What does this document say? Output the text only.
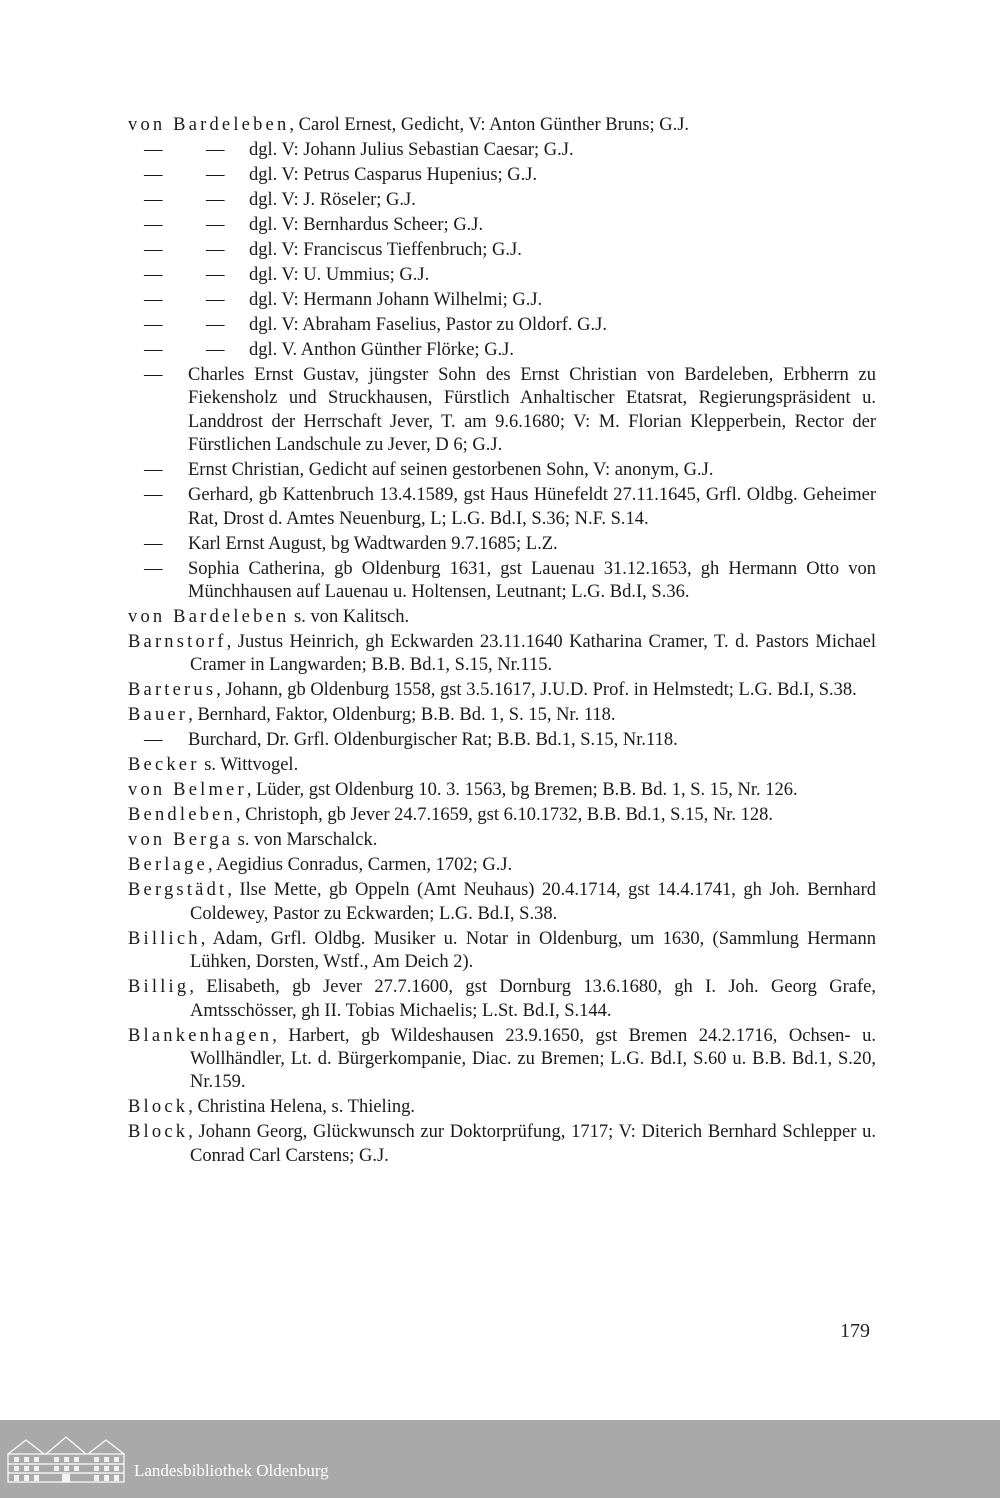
von Bardeleben, Carol Ernest, Gedicht, V: Anton Günther Bruns; G.J.
— — dgl. V: Johann Julius Sebastian Caesar; G.J.
— — dgl. V: Petrus Casparus Hupenius; G.J.
— — dgl. V: J. Röseler; G.J.
— — dgl. V: Bernhardus Scheer; G.J.
— — dgl. V: Franciscus Tieffenbruch; G.J.
— — dgl. V: U. Ummius; G.J.
— — dgl. V: Hermann Johann Wilhelmi; G.J.
— — dgl. V: Abraham Faselius, Pastor zu Oldorf. G.J.
— — dgl. V. Anthon Günther Flörke; G.J.
— Charles Ernst Gustav, jüngster Sohn des Ernst Christian von Bardeleben, Erbherrn zu Fiekensholz und Struckhausen, Fürstlich Anhaltischer Etatsrat, Regierungspräsident u. Landdrost der Herrschaft Jever, T. am 9.6.1680; V: M. Florian Klepperbein, Rector der Fürstlichen Landschule zu Jever, D 6; G.J.
— Ernst Christian, Gedicht auf seinen gestorbenen Sohn, V: anonym, G.J.
— Gerhard, gb Kattenbruch 13.4.1589, gst Haus Hünefeldt 27.11.1645, Grfl. Oldbg. Geheimer Rat, Drost d. Amtes Neuenburg, L; L.G. Bd.I, S.36; N.F. S.14.
— Karl Ernst August, bg Wadtwarden 9.7.1685; L.Z.
— Sophia Catherina, gb Oldenburg 1631, gst Lauenau 31.12.1653, gh Hermann Otto von Münchhausen auf Lauenau u. Holtensen, Leutnant; L.G. Bd.I, S.36.
von Bardeleben s. von Kalitsch.
Barnstorf, Justus Heinrich, gh Eckwarden 23.11.1640 Katharina Cramer, T. d. Pastors Michael Cramer in Langwarden; B.B. Bd.1, S.15, Nr.115.
Barterus, Johann, gb Oldenburg 1558, gst 3.5.1617, J.U.D. Prof. in Helmstedt; L.G. Bd.I, S.38.
Bauer, Bernhard, Faktor, Oldenburg; B.B. Bd. 1, S. 15, Nr. 118.
— Burchard, Dr. Grfl. Oldenburgischer Rat; B.B. Bd.1, S.15, Nr.118.
Becker s. Wittvogel.
von Belmer, Lüder, gst Oldenburg 10. 3. 1563, bg Bremen; B.B. Bd. 1, S. 15, Nr. 126.
Bendleben, Christoph, gb Jever 24.7.1659, gst 6.10.1732, B.B. Bd.1, S.15, Nr. 128.
von Berga s. von Marschalck.
Berlage, Aegidius Conradus, Carmen, 1702; G.J.
Bergstädt, Ilse Mette, gb Oppeln (Amt Neuhaus) 20.4.1714, gst 14.4.1741, gh Joh. Bernhard Coldewey, Pastor zu Eckwarden; L.G. Bd.I, S.38.
Billich, Adam, Grfl. Oldbg. Musiker u. Notar in Oldenburg, um 1630, (Sammlung Hermann Lühken, Dorsten, Wstf., Am Deich 2).
Billig, Elisabeth, gb Jever 27.7.1600, gst Dornburg 13.6.1680, gh I. Joh. Georg Grafe, Amtsschösser, gh II. Tobias Michaelis; L.St. Bd.I, S.144.
Blankenhagen, Harbert, gb Wildeshausen 23.9.1650, gst Bremen 24.2.1716, Ochsen- u. Wollhändler, Lt. d. Bürgerkompanie, Diac. zu Bremen; L.G. Bd.I, S.60 u. B.B. Bd.1, S.20, Nr.159.
Block, Christina Helena, s. Thieling.
Block, Johann Georg, Glückwunsch zur Doktorprüfung, 1717; V: Diterich Bernhard Schlepper u. Conrad Carl Carstens; G.J.
179
Landesbibliothek Oldenburg
